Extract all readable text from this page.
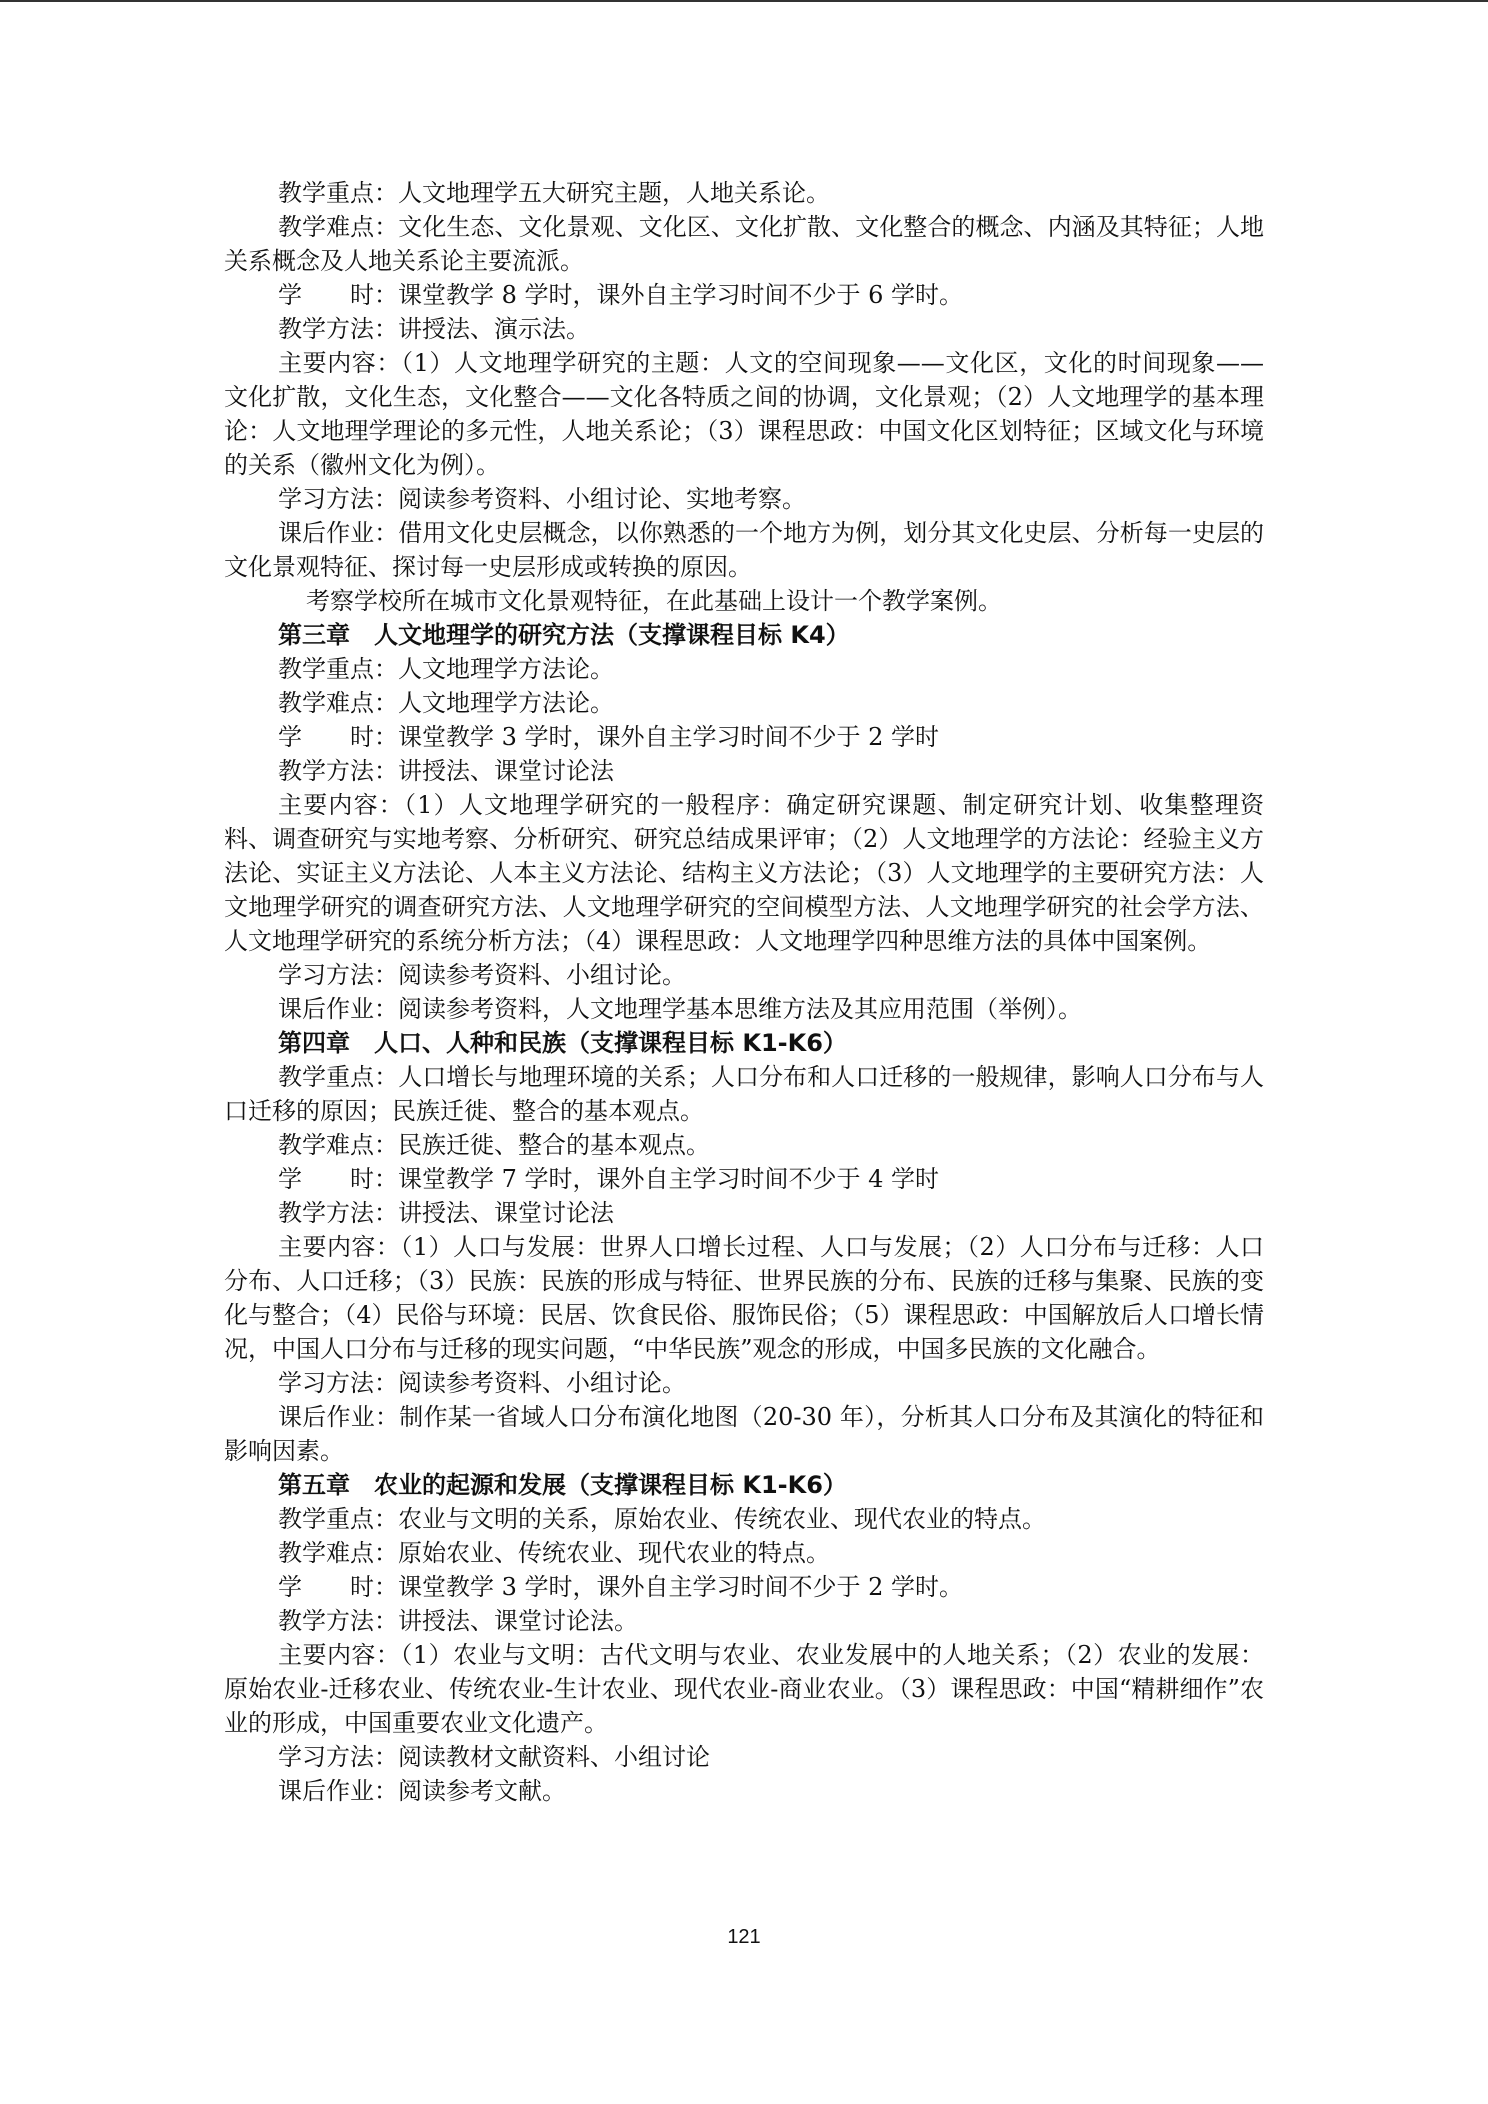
教学重点：人文地理学五大研究主题，人地关系论。

教学难点：文化生态、文化景观、文化区、文化扩散、文化整合的概念、内涵及其特征；人地关系概念及人地关系论主要流派。

学　　时：课堂教学 8 学时，课外自主学习时间不少于 6 学时。

教学方法：讲授法、演示法。

主要内容：（1）人文地理学研究的主题：人文的空间现象——文化区，文化的时间现象——文化扩散，文化生态，文化整合——文化各特质之间的协调，文化景观；（2）人文地理学的基本理论：人文地理学理论的多元性，人地关系论；（3）课程思政：中国文化区划特征；区域文化与环境的关系（徽州文化为例）。

学习方法：阅读参考资料、小组讨论、实地考察。

课后作业：借用文化史层概念，以你熟悉的一个地方为例，划分其文化史层、分析每一史层的文化景观特征、探讨每一史层形成或转换的原因。

考察学校所在城市文化景观特征，在此基础上设计一个教学案例。

第三章　人文地理学的研究方法（支撑课程目标 K4）

教学重点：人文地理学方法论。

教学难点：人文地理学方法论。

学　　时：课堂教学 3 学时，课外自主学习时间不少于 2 学时

教学方法：讲授法、课堂讨论法

主要内容：（1）人文地理学研究的一般程序：确定研究课题、制定研究计划、收集整理资料、调查研究与实地考察、分析研究、研究总结成果评审；（2）人文地理学的方法论：经验主义方法论、实证主义方法论、人本主义方法论、结构主义方法论；（3）人文地理学的主要研究方法：人文地理学研究的调查研究方法、人文地理学研究的空间模型方法、人文地理学研究的社会学方法、人文地理学研究的系统分析方法；（4）课程思政：人文地理学四种思维方法的具体中国案例。

学习方法：阅读参考资料、小组讨论。

课后作业：阅读参考资料，人文地理学基本思维方法及其应用范围（举例）。

第四章　人口、人种和民族（支撑课程目标 K1-K6）

教学重点：人口增长与地理环境的关系；人口分布和人口迁移的一般规律，影响人口分布与人口迁移的原因；民族迁徙、整合的基本观点。

教学难点：民族迁徙、整合的基本观点。

学　　时：课堂教学 7 学时，课外自主学习时间不少于 4 学时

教学方法：讲授法、课堂讨论法

主要内容：（1）人口与发展：世界人口增长过程、人口与发展；（2）人口分布与迁移：人口分布、人口迁移；（3）民族：民族的形成与特征、世界民族的分布、民族的迁移与集聚、民族的变化与整合；（4）民俗与环境：民居、饮食民俗、服饰民俗；（5）课程思政：中国解放后人口增长情况，中国人口分布与迁移的现实问题，“中华民族”观念的形成，中国多民族的文化融合。

学习方法：阅读参考资料、小组讨论。

课后作业：制作某一省域人口分布演化地图（20-30 年），分析其人口分布及其演化的特征和影响因素。

第五章　农业的起源和发展（支撑课程目标 K1-K6）

教学重点：农业与文明的关系，原始农业、传统农业、现代农业的特点。

教学难点：原始农业、传统农业、现代农业的特点。

学　　时：课堂教学 3 学时，课外自主学习时间不少于 2 学时。

教学方法：讲授法、课堂讨论法。

主要内容：（1）农业与文明：古代文明与农业、农业发展中的人地关系；（2）农业的发展：原始农业-迁移农业、传统农业-生计农业、现代农业-商业农业。（3）课程思政：中国“精耕细作”农业的形成，中国重要农业文化遗产。

学习方法：阅读教材文献资料、小组讨论

课后作业：阅读参考文献。

121
